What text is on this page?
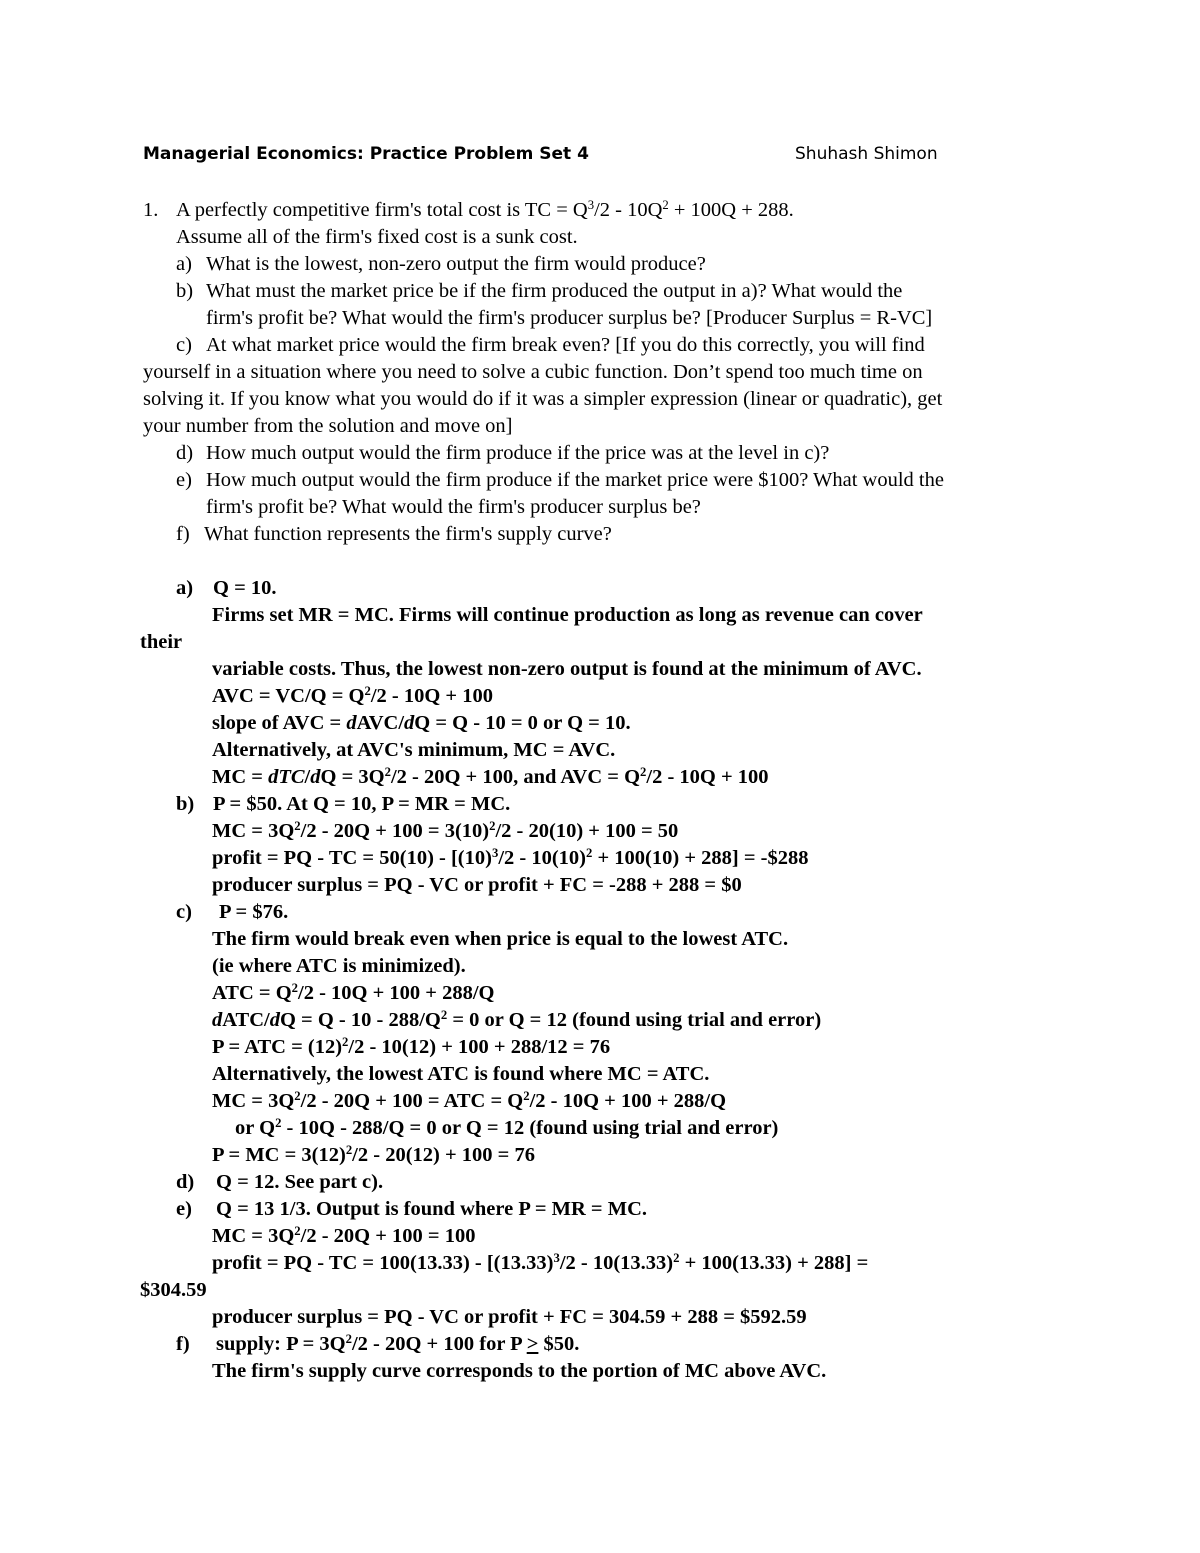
Managerial Economics: Practice Problem Set 4	Shuhash Shimon
1. A perfectly competitive firm's total cost is TC = $Q^3/2 - 10Q^2 + 100Q + 288$.
Assume all of the firm's fixed cost is a sunk cost.
a) What is the lowest, non-zero output the firm would produce?
b) What must the market price be if the firm produced the output in a)? What would the
firm's profit be? What would the firm's producer surplus be? [Producer Surplus = R-VC]
c) At what market price would the firm break even? [If you do this correctly, you will find
yourself in a situation where you need to solve a cubic function. Don’t spend too much time on
solving it. If you know what you would do if it was a simpler expression (linear or quadratic), get
your number from the solution and move on]
d) How much output would the firm produce if the price was at the level in c)?
e) How much output would the firm produce if the market price were $100? What would the
firm's profit be? What would the firm's producer surplus be?
f) What function represents the firm's supply curve?
a) Q = 10.
Firms set MR = MC. Firms will continue production as long as revenue can cover
their
variable costs. Thus, the lowest non-zero output is found at the minimum of AVC.
AVC = $VC/Q = Q^2/2 - 10Q + 100$
slope of AVC = dAVC/dQ = Q - 10 = 0 or Q = 10.
Alternatively, at AVC's minimum, MC = AVC.
MC = $dTC/dQ = 3Q^2/2 - 20Q + 100$, and AVC = $Q^2/2 - 10Q + 100$
b) P = $50. At Q = 10, P = MR = MC.
MC = $3Q^2/2 - 20Q + 100 = 3(10)^2/2 - 20(10) + 100 = 50$
profit = PQ - TC = $50(10) - [(10)^3/2 - 10(10)^2 + 100(10) + 288]$ = -$288
producer surplus = PQ - VC or profit + FC = -288 + 288 = $0
c) P = $76.
The firm would break even when price is equal to the lowest ATC.
(ie where ATC is minimized).
ATC = $Q^2/2 - 10Q + 100 + 288/Q$
dATC/dQ = $Q - 10 - 288/Q^2 = 0$ or Q = 12 (found using trial and error)
P = ATC = $(12)^2/2 - 10(12) + 100 + 288/12 = 76$
Alternatively, the lowest ATC is found where MC = ATC.
MC = $3Q^2/2 - 20Q + 100$ = ATC = $Q^2/2 - 10Q + 100 + 288/Q$
or $Q^2 - 10Q - 288/Q = 0$ or Q = 12 (found using trial and error)
P = MC = $3(12)^2/2 - 20(12) + 100 = 76$
d) Q = 12. See part c).
e) Q = 13 1/3. Output is found where P = MR = MC.
MC = $3Q^2/2 - 20Q + 100 = 100$
profit = PQ - TC = $100(13.33) - [(13.33)^3/2 - 10(13.33)^2 + 100(13.33) + 288]$ =
$304.59
producer surplus = PQ - VC or profit + FC = 304.59 + 288 = $592.59
f) supply: $P = 3Q^2/2 - 20Q + 100$ for P ≥ $50.
The firm's supply curve corresponds to the portion of MC above AVC.
